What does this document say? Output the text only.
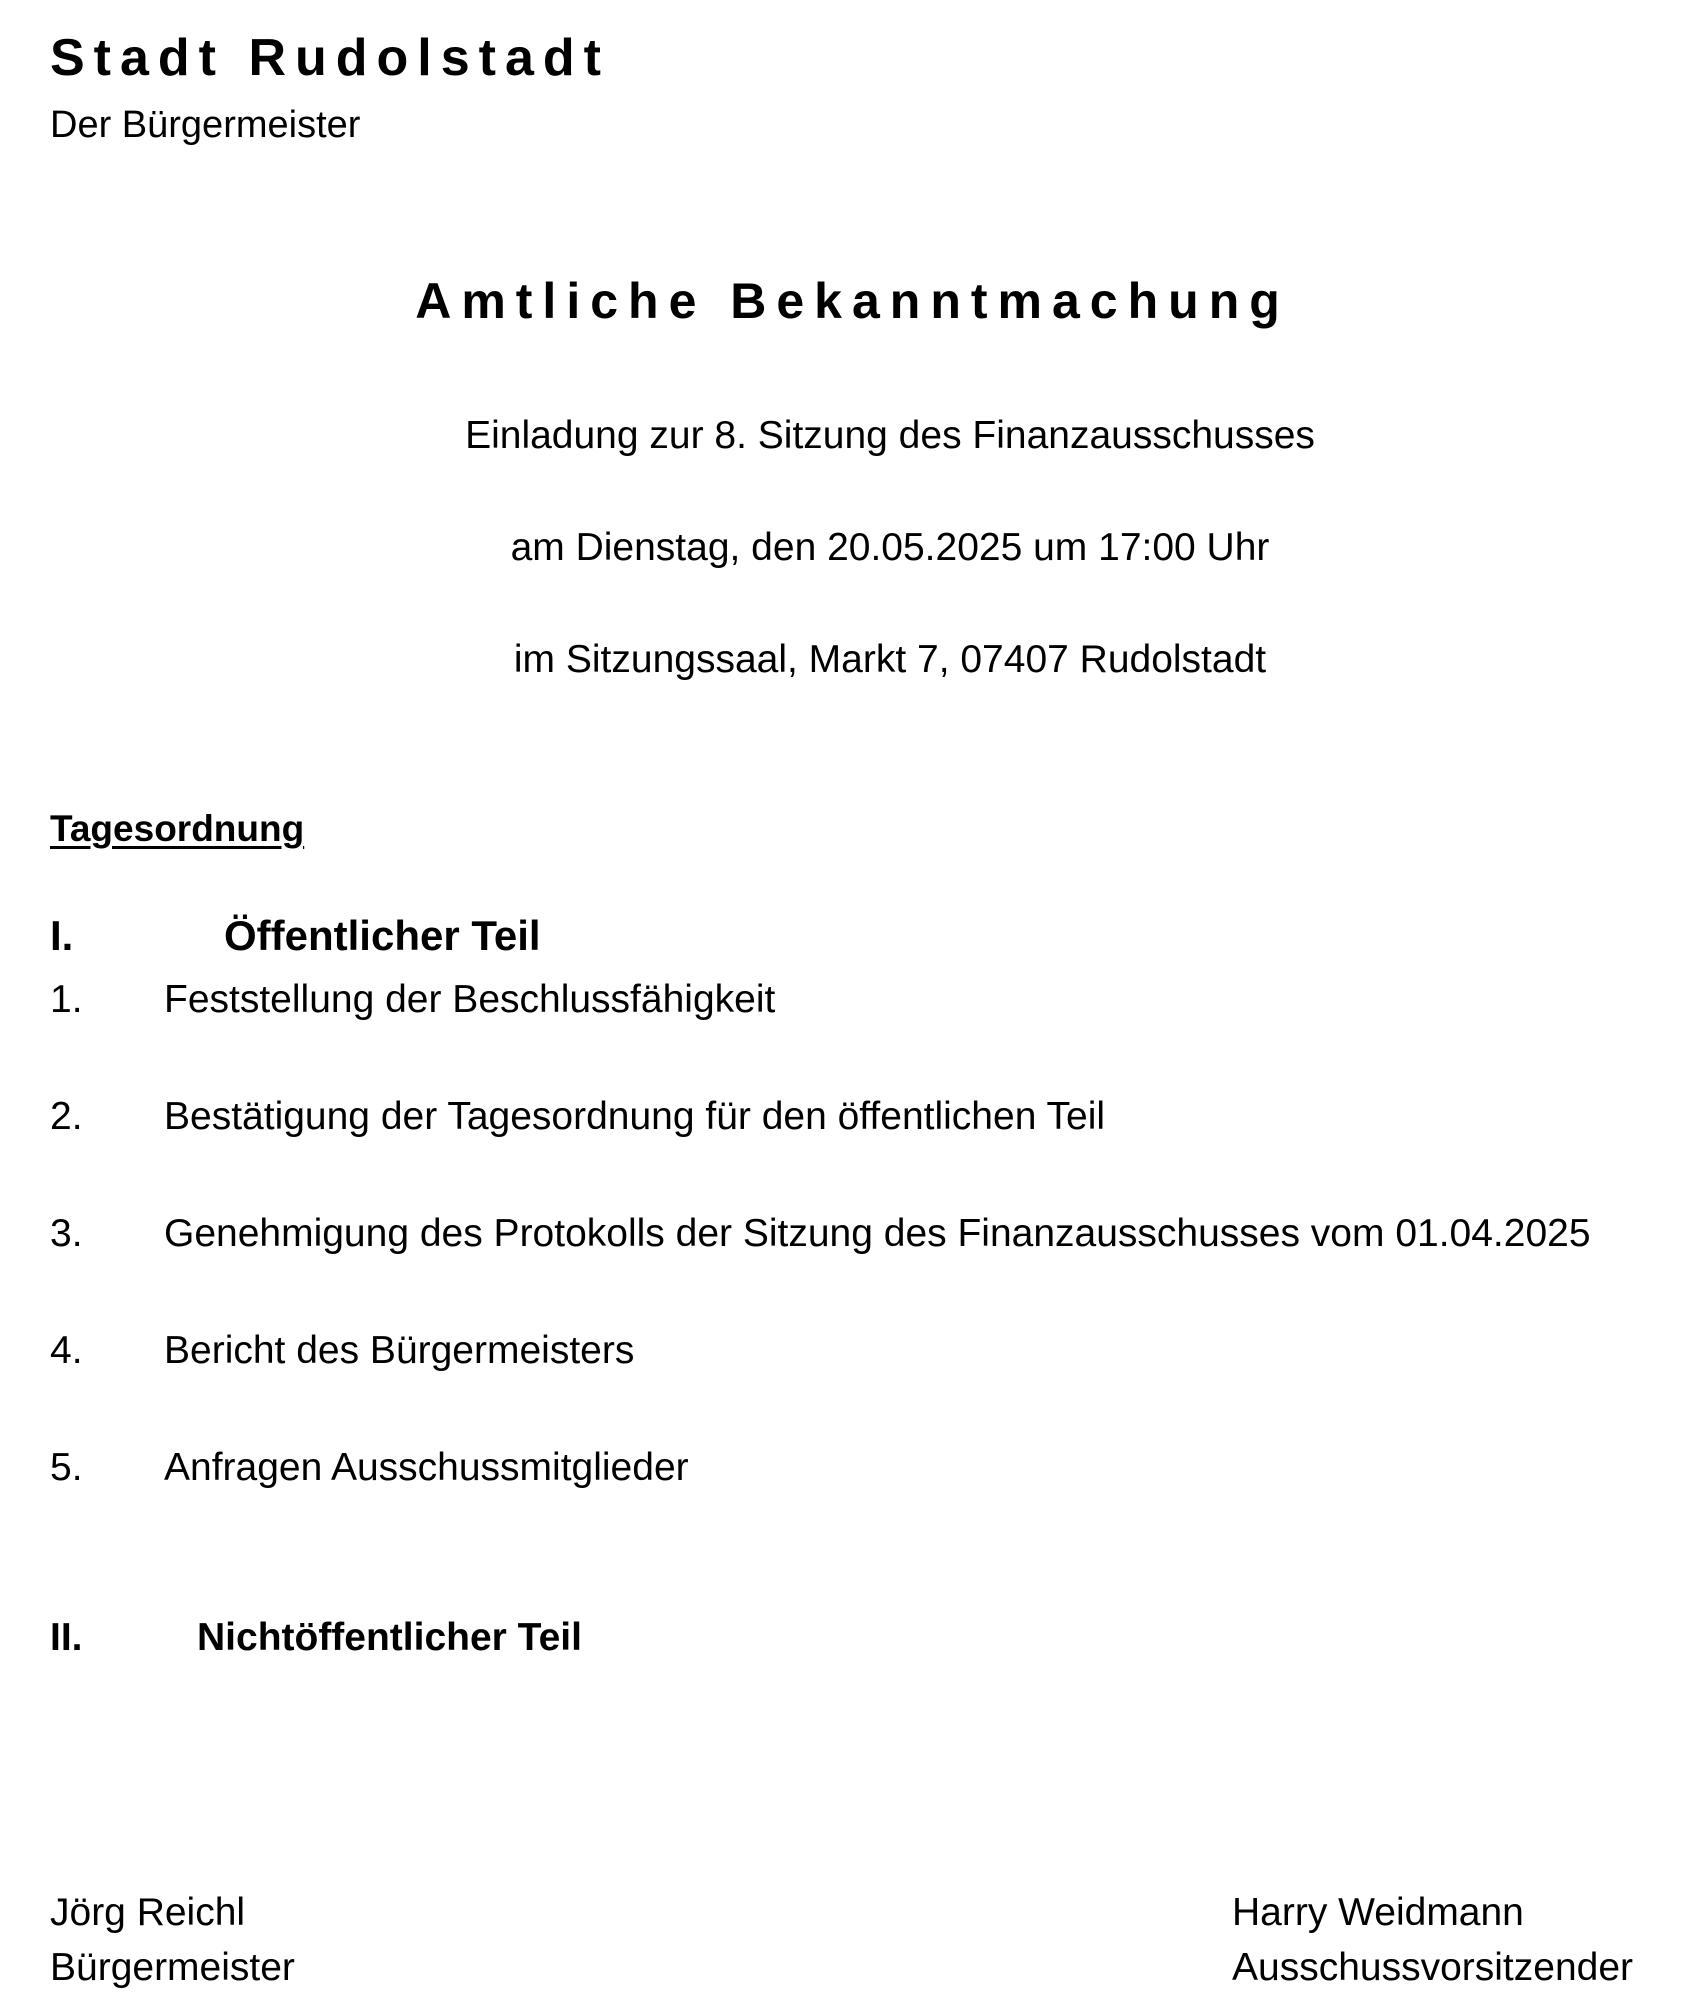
Stadt Rudolstadt
Der Bürgermeister
Amtliche Bekanntmachung
Einladung zur 8. Sitzung des Finanzausschusses
am Dienstag, den 20.05.2025 um 17:00 Uhr
im Sitzungssaal, Markt 7, 07407 Rudolstadt
Tagesordnung
I.	Öffentlicher Teil
1. Feststellung der Beschlussfähigkeit
2. Bestätigung der Tagesordnung für den öffentlichen Teil
3. Genehmigung des Protokolls der Sitzung des Finanzausschusses vom 01.04.2025
4. Bericht des Bürgermeisters
5. Anfragen Ausschussmitglieder
II.	Nichtöffentlicher Teil
Jörg Reichl
Bürgermeister
Harry Weidmann
Ausschussvorsitzender
